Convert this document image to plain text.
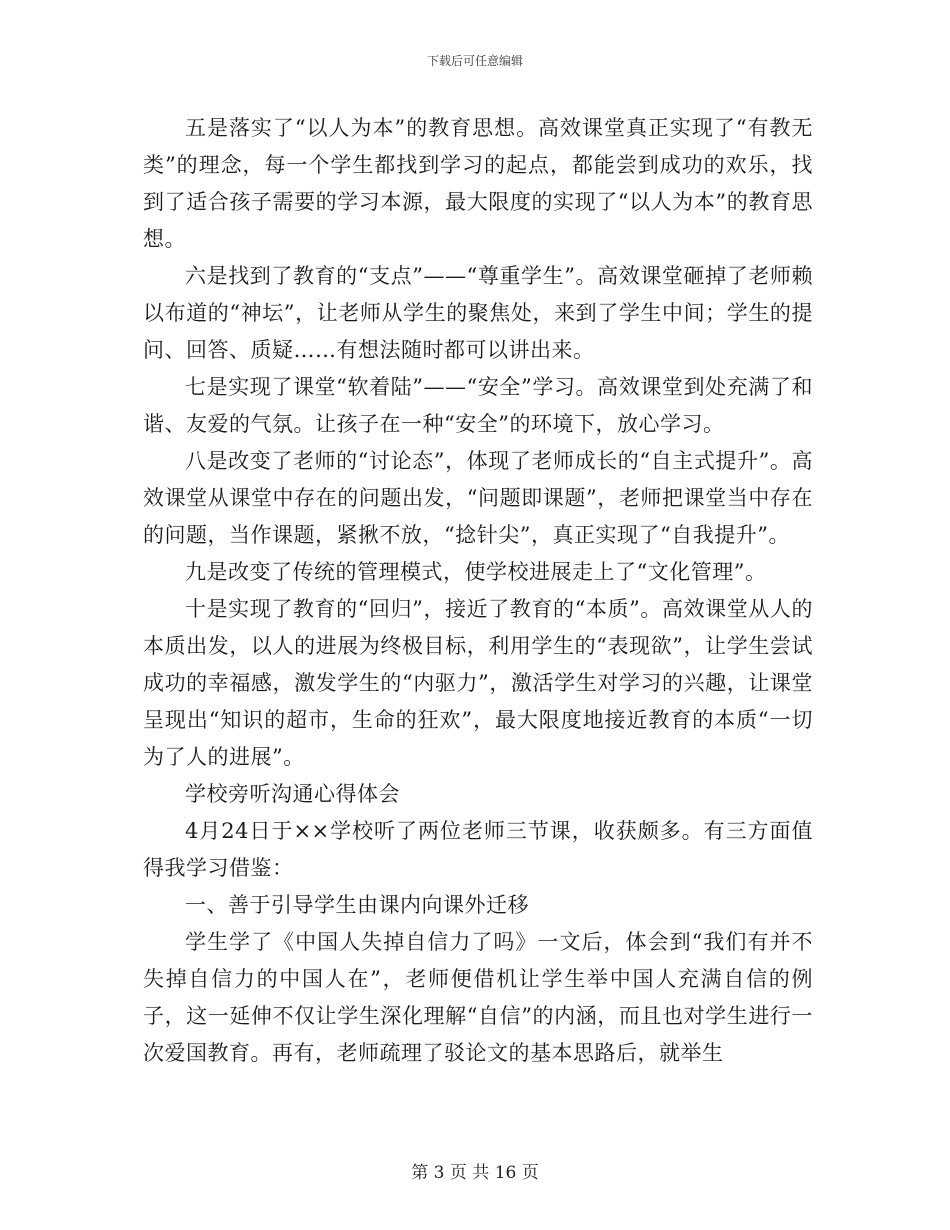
下载后可任意编辑

五是落实了“以人为本”的教育思想。高效课堂真正实现了“有教无类”的理念，每一个学生都找到学习的起点，都能尝到成功的欢乐，找到了适合孩子需要的学习本源，最大限度的实现了“以人为本”的教育思想。

六是找到了教育的“支点”——“尊重学生”。高效课堂砸掉了老师赖以布道的“神坛”，让老师从学生的聚焦处，来到了学生中间；学生的提问、回答、质疑……有想法随时都可以讲出来。

七是实现了课堂“软着陆”——“安全”学习。高效课堂到处充满了和谐、友爱的气氛。让孩子在一种“安全”的环境下，放心学习。

八是改变了老师的“讨论态”，体现了老师成长的“自主式提升”。高效课堂从课堂中存在的问题出发，“问题即课题”，老师把课堂当中存在的问题，当作课题，紧揪不放，“捻针尖”，真正实现了“自我提升”。

九是改变了传统的管理模式，使学校进展走上了“文化管理”。

十是实现了教育的“回归”，接近了教育的“本质”。高效课堂从人的本质出发，以人的进展为终极目标，利用学生的“表现欲”，让学生尝试成功的幸福感，激发学生的“内驱力”，激活学生对学习的兴趣，让课堂呈现出“知识的超市，生命的狂欢”，最大限度地接近教育的本质“一切为了人的进展”。

学校旁听沟通心得体会

4月24日于××学校听了两位老师三节课，收获颇多。有三方面值得我学习借鉴：

一、善于引导学生由课内向课外迁移

学生学了《中国人失掉自信力了吗》一文后，体会到“我们有并不失掉自信力的中国人在”，老师便借机让学生举中国人充满自信的例子，这一延伸不仅让学生深化理解“自信”的内涵，而且也对学生进行一次爱国教育。再有，老师疏理了驳论文的基本思路后，就举生

第 3 页 共 16 页
